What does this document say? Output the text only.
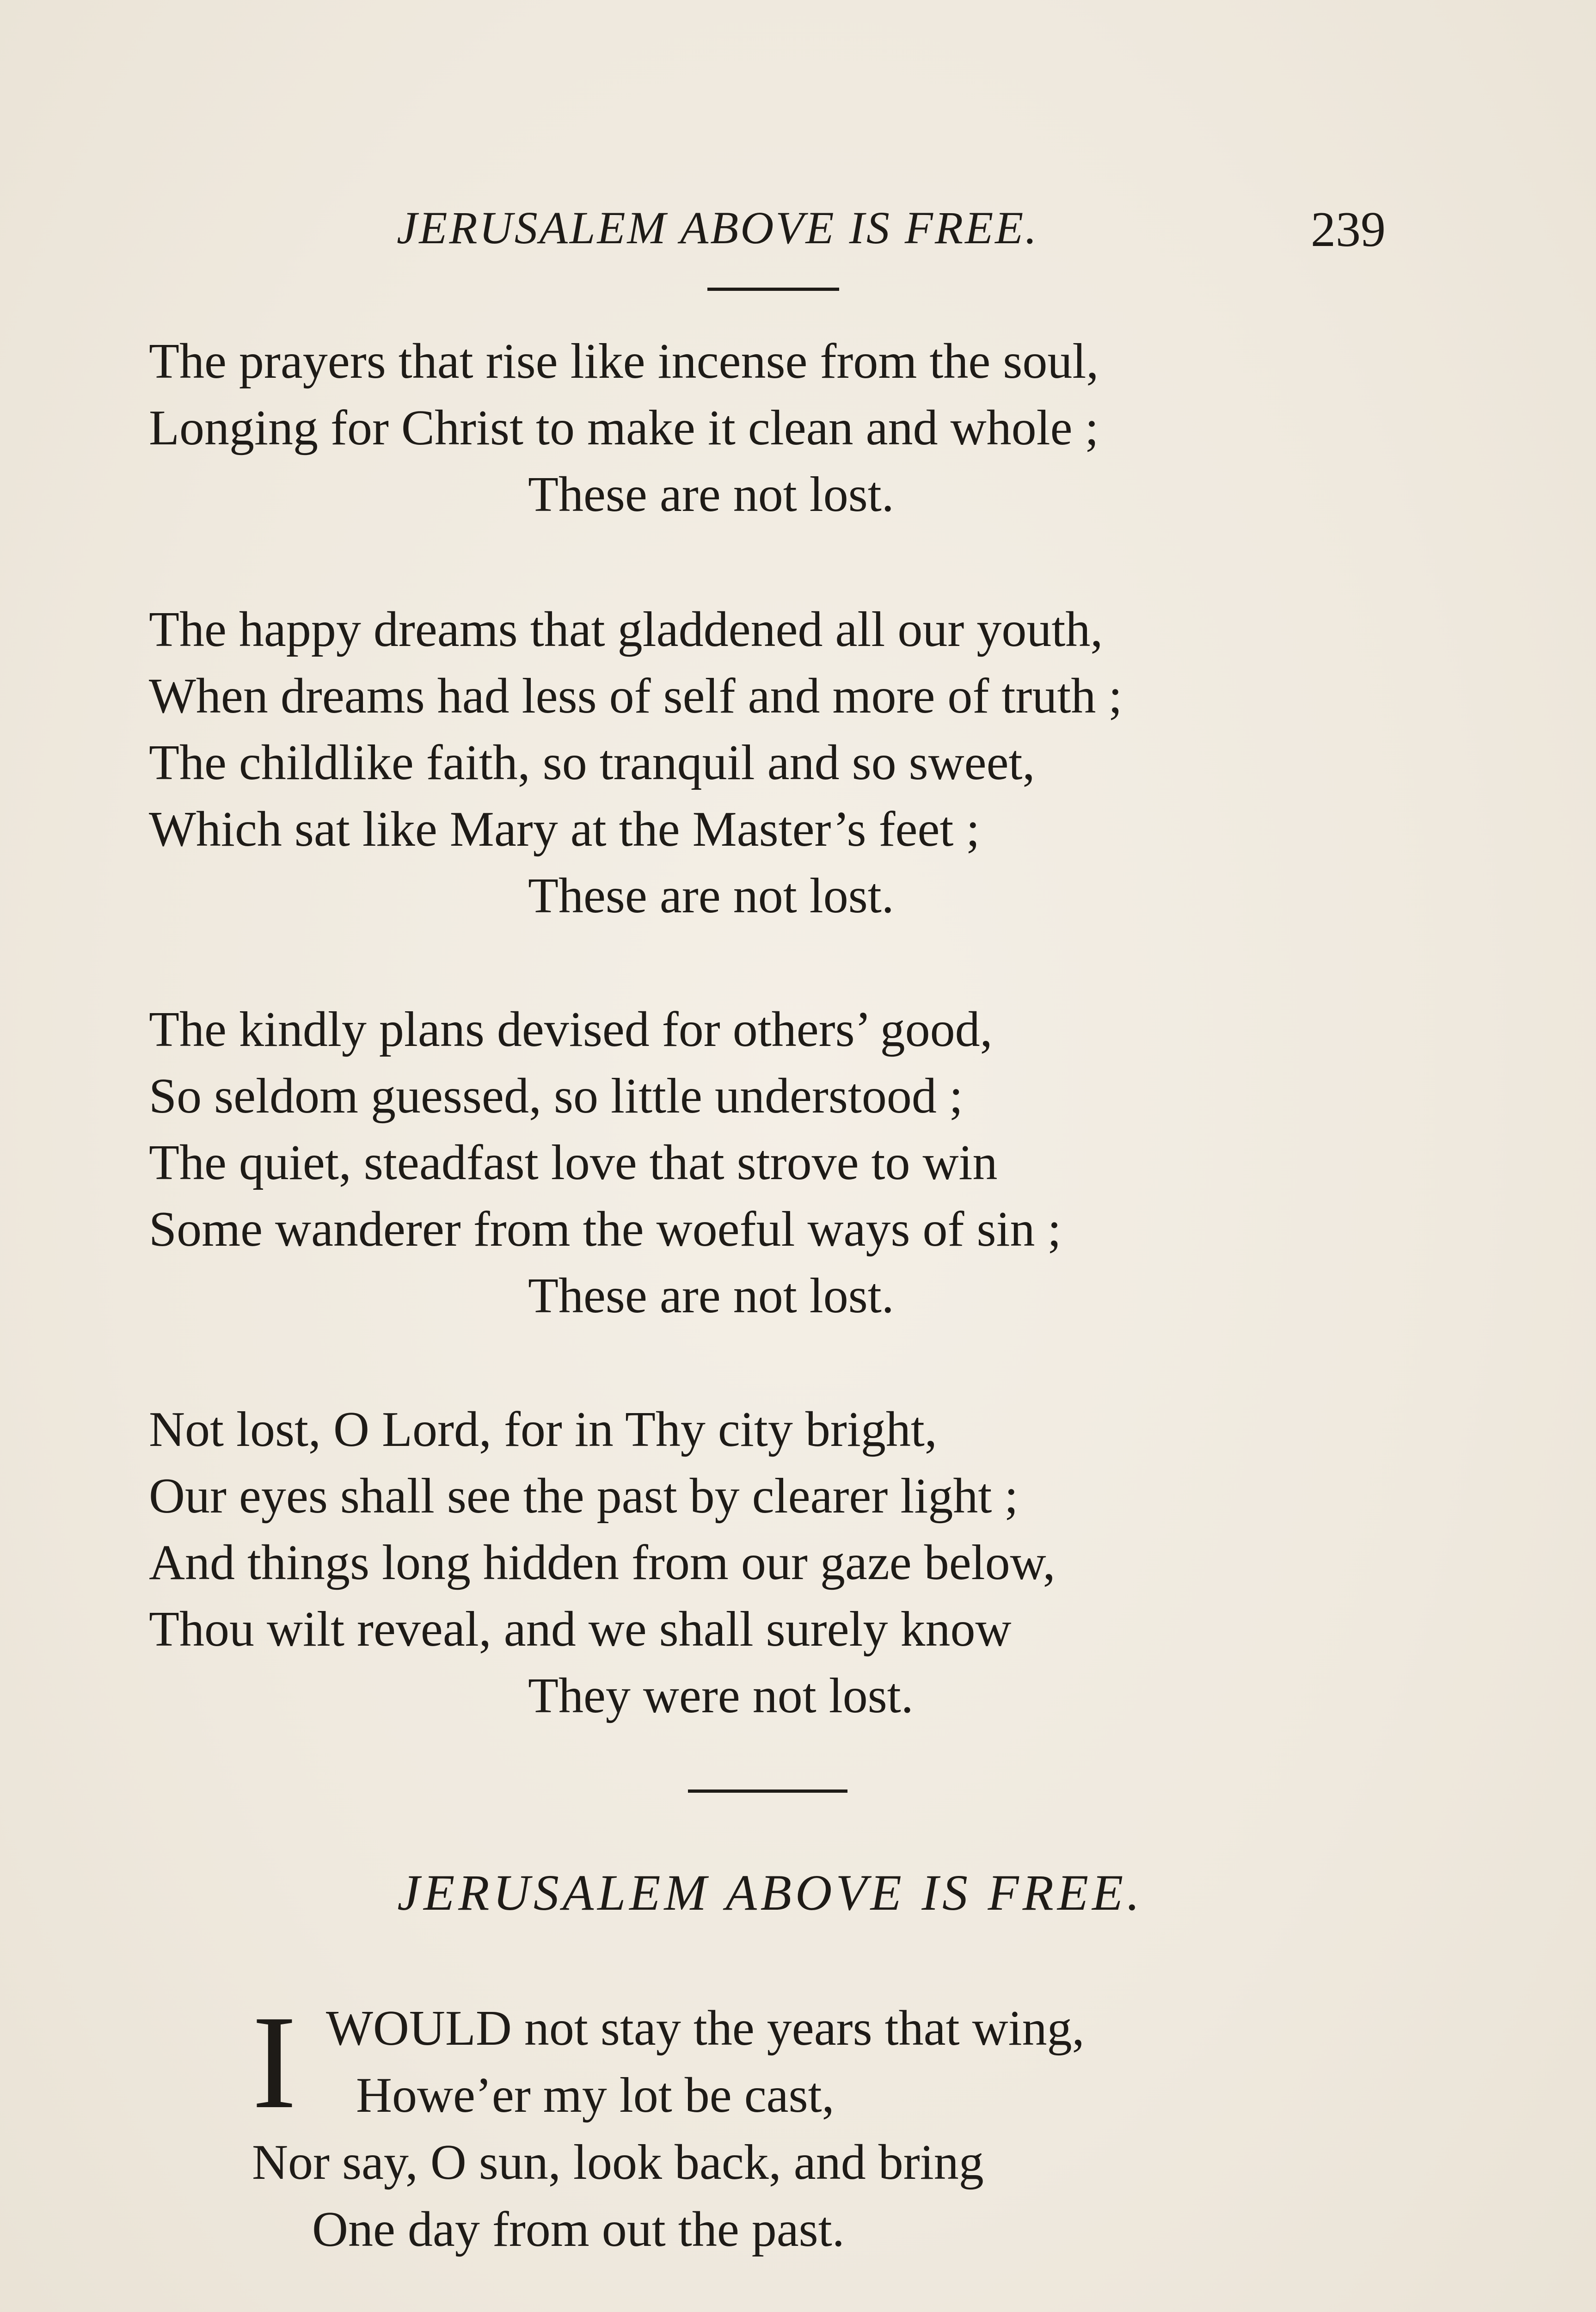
JERUSALEM ABOVE IS FREE.	239
The prayers that rise like incense from the soul,
Longing for Christ to make it clean and whole ;
These are not lost.
The happy dreams that gladdened all our youth,
When dreams had less of self and more of truth ;
The childlike faith, so tranquil and so sweet,
Which sat like Mary at the Master’s feet ;
These are not lost.
The kindly plans devised for others’ good,
So seldom guessed, so little understood ;
The quiet, steadfast love that strove to win
Some wanderer from the woeful ways of sin ;
These are not lost.
Not lost, O Lord, for in Thy city bright,
Our eyes shall see the past by clearer light ;
And things long hidden from our gaze below,
Thou wilt reveal, and we shall surely know
They were not lost.
JERUSALEM ABOVE IS FREE.
I WOULD not stay the years that wing,
Howe’er my lot be cast,
Nor say, O sun, look back, and bring
One day from out the past.
